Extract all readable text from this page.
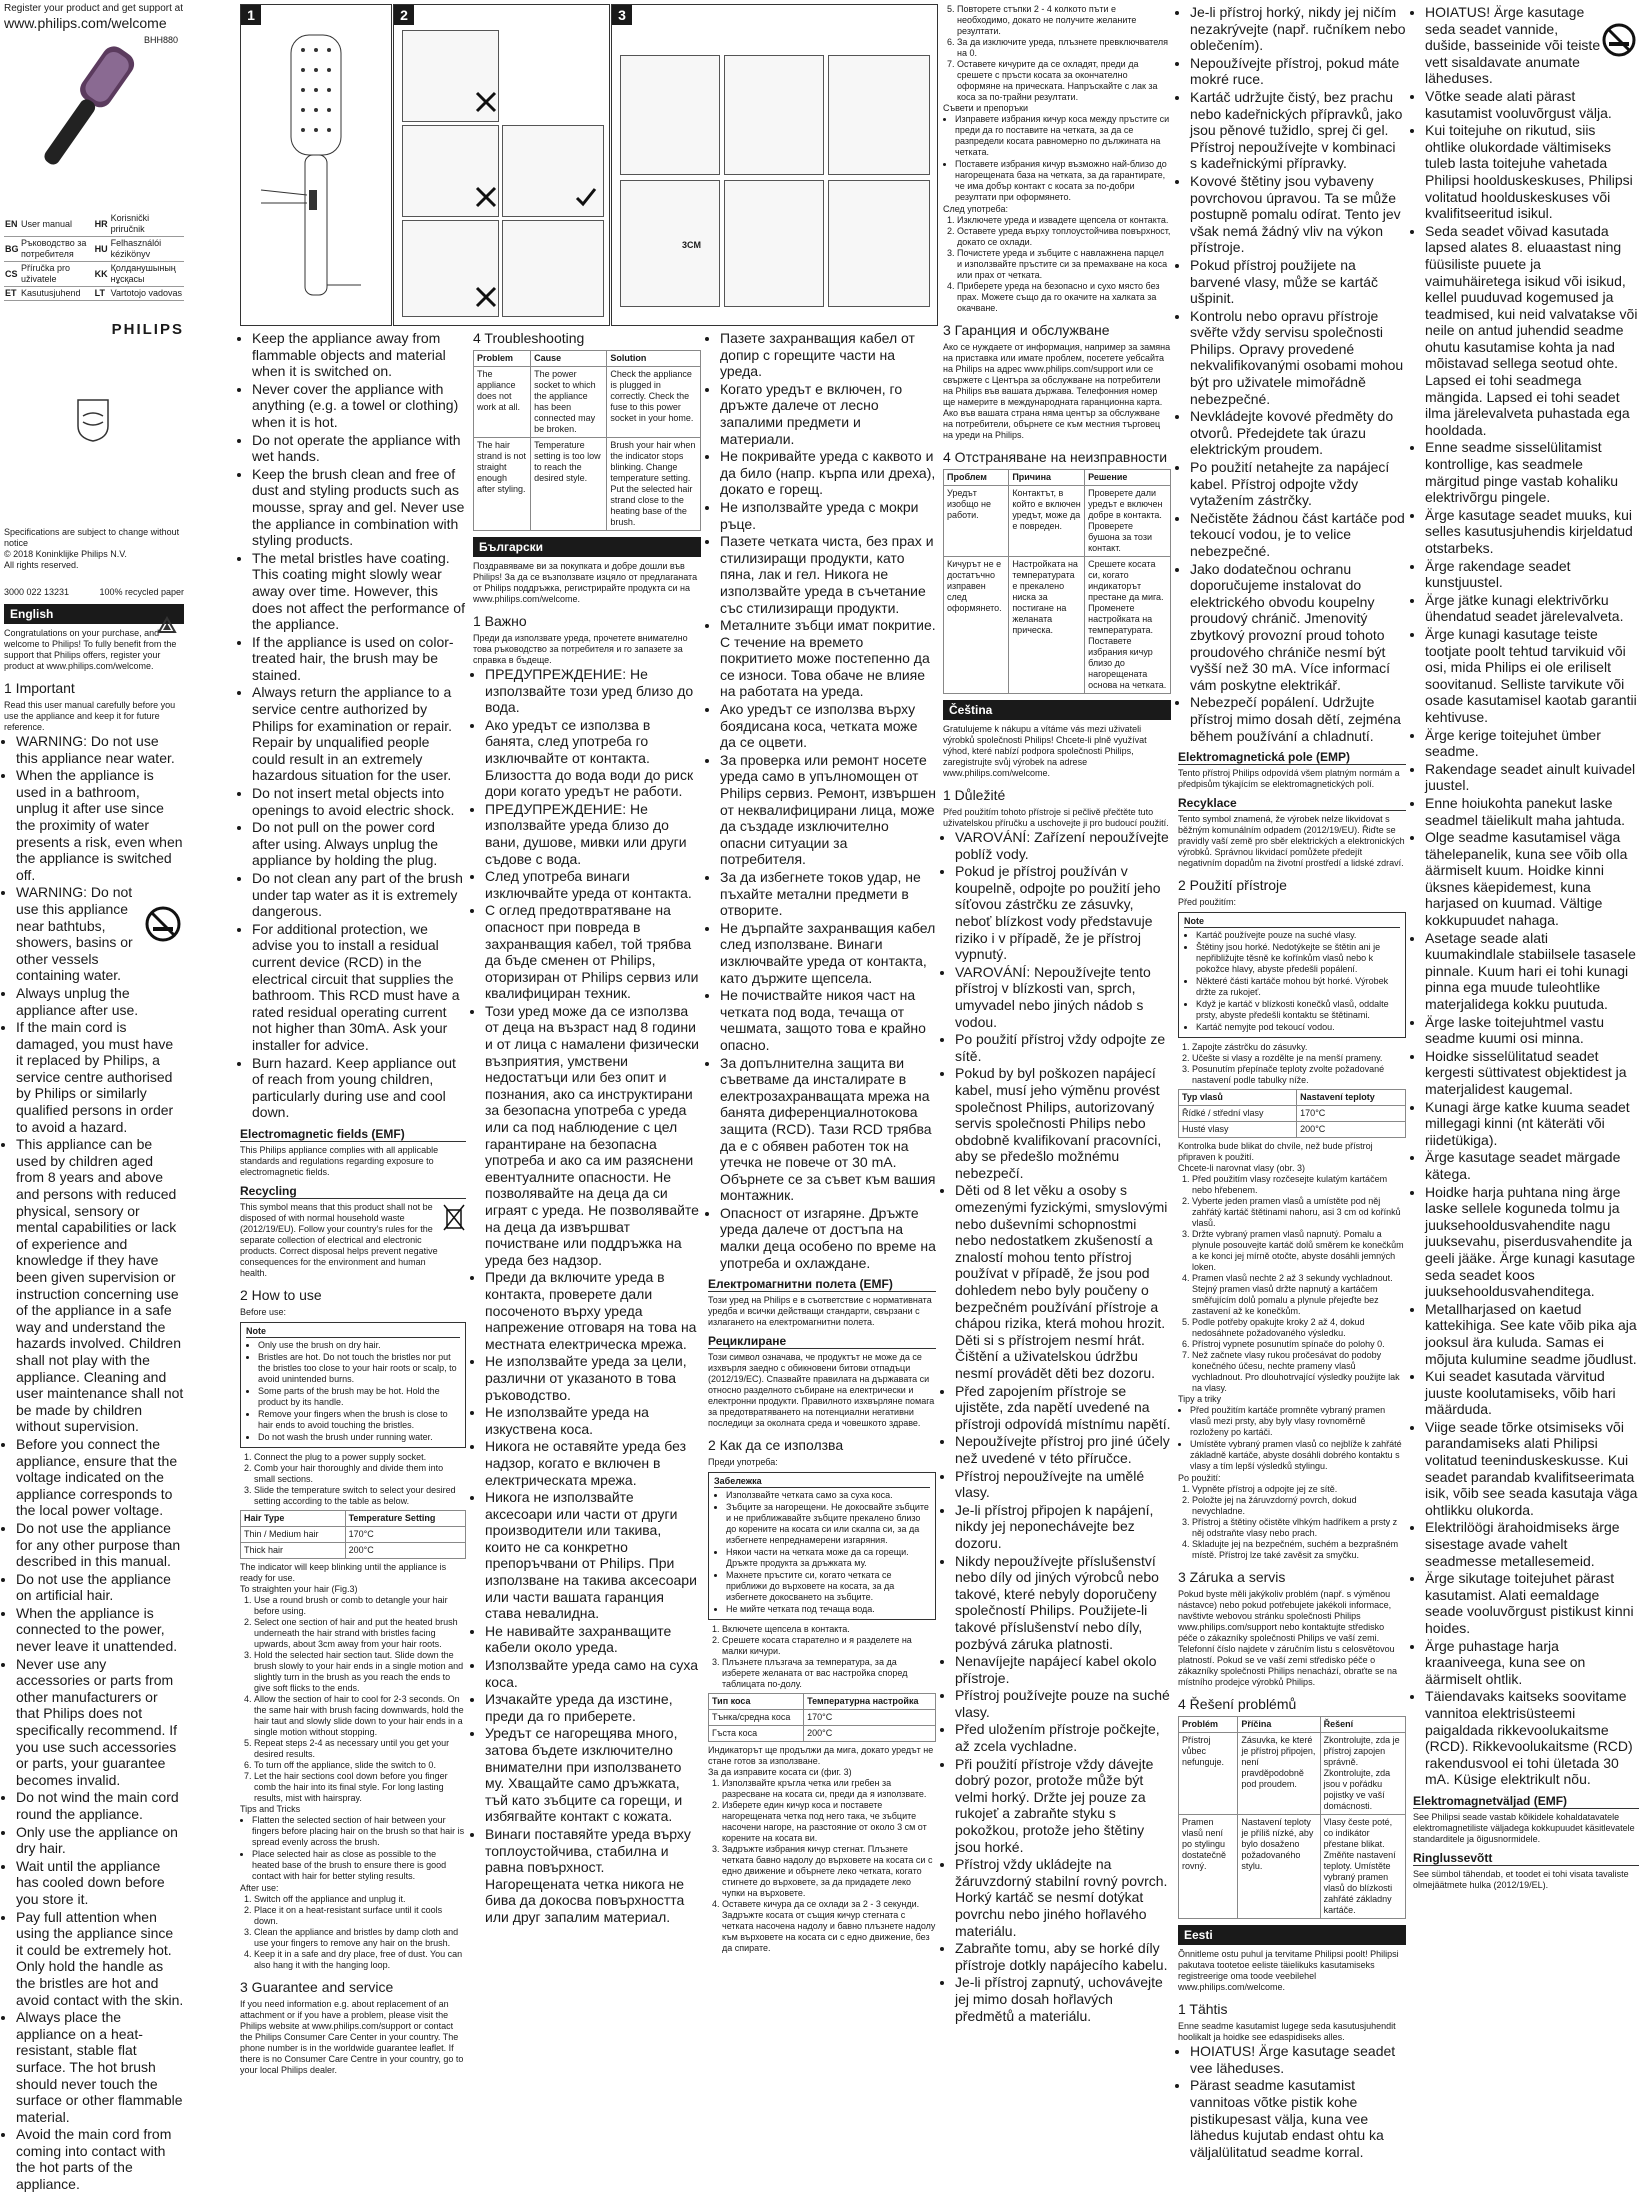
Register your product and get support at
www.philips.com/welcome
BHH880
EN	User manual	HR	Korisnički priručnik
BG	Ръководство за потребителя	HU	Felhasználói kézikönyv
CS	Příručka pro uživatele	KK	Қолданушының нұсқасы
ET	Kasutusjuhend	LT	Vartotojo vadovas
PHILIPS
Specifications are subject to change without notice
© 2018 Koninklijke Philips N.V.
All rights reserved.
3000 022 13231	100% recycled paper
English
Congratulations on your purchase, and welcome to Philips! To fully benefit from the support that Philips offers, register your product at www.philips.com/welcome.
1 Important
Read this user manual carefully before you use the appliance and keep it for future reference.
• WARNING: Do not use this appliance near water.
• When the appliance is used in a bathroom, unplug it after use since the proximity of water presents a risk, even when the appliance is switched off.
• WARNING: Do not use this appliance near bathtubs, showers, basins or other vessels containing water.
• Always unplug the appliance after use.
• If the main cord is damaged, you must have it replaced by Philips, a service centre authorised by Philips or similarly qualified persons in order to avoid a hazard.
• This appliance can be used by children aged from 8 years and above and persons with reduced physical, sensory or mental capabilities or lack of experience and knowledge if they have been given supervision or instruction concerning use of the appliance in a safe way and understand the hazards involved. Children shall not play with the appliance. Cleaning and user maintenance shall not be made by children without supervision.
• Before you connect the appliance, ensure that the voltage indicated on the appliance corresponds to the local power voltage.
• Do not use the appliance for any other purpose than described in this manual.
• Do not use the appliance on artificial hair.
• When the appliance is connected to the power, never leave it unattended.
• Never use any accessories or parts from other manufacturers or that Philips does not specifically recommend. If you use such accessories or parts, your guarantee becomes invalid.
• Do not wind the main cord round the appliance.
• Only use the appliance on dry hair.
• Wait until the appliance has cooled down before you store it.
• Pay full attention when using the appliance since it could be extremely hot. Only hold the handle as the bristles are hot and avoid contact with the skin.
• Always place the appliance on a heat-resistant, stable flat surface. The hot brush should never touch the surface or other flammable material.
• Avoid the main cord from coming into contact with the hot parts of the appliance.
1	2	3
3CM
• Keep the appliance away from flammable objects and material when it is switched on.
• Never cover the appliance with anything (e.g. a towel or clothing) when it is hot.
• Do not operate the appliance with wet hands.
• Keep the brush clean and free of dust and styling products such as mousse, spray and gel. Never use the appliance in combination with styling products.
• The metal bristles have coating. This coating might slowly wear away over time. However, this does not affect the performance of the appliance.
• If the appliance is used on color-treated hair, the brush may be stained.
• Always return the appliance to a service centre authorized by Philips for examination or repair. Repair by unqualified people could result in an extremely hazardous situation for the user.
• Do not insert metal objects into openings to avoid electric shock.
• Do not pull on the power cord after using. Always unplug the appliance by holding the plug.
• Do not clean any part of the brush under tap water as it is extremely dangerous.
• For additional protection, we advise you to install a residual current device (RCD) in the electrical circuit that supplies the bathroom. This RCD must have a rated residual operating current not higher than 30mA. Ask your installer for advice.
• Burn hazard. Keep appliance out of reach from young children, particularly during use and cool down.
Electromagnetic fields (EMF)
This Philips appliance complies with all applicable standards and regulations regarding exposure to electromagnetic fields.
Recycling
This symbol means that this product shall not be disposed of with normal household waste (2012/19/EU). Follow your country's rules for the separate collection of electrical and electronic products. Correct disposal helps prevent negative consequences for the environment and human health.
2 How to use
Before use:
Note
• Only use the brush on dry hair.
• Bristles are hot. Do not touch the bristles nor put the bristles too close to your hair roots or scalp, to avoid unintended burns.
• Some parts of the brush may be hot. Hold the product by its handle.
• Remove your fingers when the brush is close to hair ends to avoid touching the bristles.
• Do not wash the brush under running water.
1. Connect the plug to a power supply socket.
2. Comb your hair thoroughly and divide them into small sections.
3. Slide the temperature switch to select your desired setting according to the table as below.
Hair Type	Temperature Setting
Thin / Medium hair	170°C
Thick hair	200°C
The indicator will keep blinking until the appliance is ready for use.
To straighten your hair (Fig.3)
1. Use a round brush or comb to detangle your hair before using.
2. Select one section of hair and put the heated brush underneath the hair strand with bristles facing upwards, about 3cm away from your hair roots.
3. Hold the selected hair section taut. Slide down the brush slowly to your hair ends in a single motion and slightly turn in the brush as you reach the ends to give soft flicks to the ends.
4. Allow the section of hair to cool for 2-3 seconds. On the same hair with brush facing downwards, hold the hair taut and slowly slide down to your hair ends in a single motion without stopping.
5. Repeat steps 2-4 as necessary until you get your desired results.
6. To turn off the appliance, slide the switch to 0.
7. Let the hair sections cool down before you finger comb the hair into its final style. For long lasting results, mist with hairspray.
Tips and Tricks
• Flatten the selected section of hair between your fingers before placing hair on the brush so that hair is spread evenly across the brush.
• Place selected hair as close as possible to the heated base of the brush to ensure there is good contact with hair for better styling results.
After use:
1. Switch off the appliance and unplug it.
2. Place it on a heat-resistant surface until it cools down.
3. Clean the appliance and bristles by damp cloth and use your fingers to remove any hair on the brush.
4. Keep it in a safe and dry place, free of dust. You can also hang it with the hanging loop.
3 Guarantee and service
If you need information e.g. about replacement of an attachment or if you have a problem, please visit the Philips website at www.philips.com/support or contact the Philips Consumer Care Center in your country. The phone number is in the worldwide guarantee leaflet. If there is no Consumer Care Centre in your country, go to your local Philips dealer.
4 Troubleshooting
Problem	Cause	Solution
The appliance does not work at all.	The power socket to which the appliance has been connected may be broken.	Check the appliance is plugged in correctly. Check the fuse to this power socket in your home.
The hair strand is not straight enough after styling.	Temperature setting is too low to reach the desired style.	Brush your hair when the indicator stops blinking. Change temperature setting. Put the selected hair strand close to the heating base of the brush.
Български
Поздравяваме ви за покупката и добре дошли във Philips! За да се възползвате изцяло от предлаганата от Philips поддръжка, регистрирайте продукта си на www.philips.com/welcome.
1 Важно
Преди да използвате уреда, прочетете внимателно това ръководство за потребителя и го запазете за справка в бъдеще.
• ПРЕДУПРЕЖДЕНИЕ: Не използвайте този уред близо до вода.
• Ако уредът се използва в банята, след употреба го изключвайте от контакта. Близостта до вода води до риск дори когато уредът не работи.
• ПРЕДУПРЕЖДЕНИЕ: Не използвайте уреда близо до вани, душове, мивки или други съдове с вода.
• След употреба винаги изключвайте уреда от контакта.
• С оглед предотвратяване на опасност при повреда в захранващия кабел, той трябва да бъде сменен от Philips, оторизиран от Philips сервиз или квалифициран техник.
• Този уред може да се използва от деца на възраст над 8 години и от лица с намалени физически възприятия, умствени недостатъци или без опит и познания, ако са инструктирани за безопасна употреба с уреда или са под наблюдение с цел гарантиране на безопасна употреба и ако са им разяснени евентуалните опасности. Не позволявайте на деца да си играят с уреда. Не позволявайте на деца да извършват почистване или поддръжка на уреда без надзор.
• Преди да включите уреда в контакта, проверете дали посоченото върху уреда напрежение отговаря на това на местната електрическа мрежа.
• Не използвайте уреда за цели, различни от указаното в това ръководство.
• Не използвайте уреда на изкуствена коса.
• Никога не оставяйте уреда без надзор, когато е включен в електрическата мрежа.
• Никога не използвайте аксесоари или части от други производители или такива, които не са конкретно препоръчвани от Philips. При използване на такива аксесоари или части вашата гаранция става невалидна.
• Не навивайте захранващите кабели около уреда.
• Използвайте уреда само на суха коса.
• Изчакайте уреда да изстине, преди да го приберете.
• Уредът се нагорещява много, затова бъдете изключително внимателни при използването му. Хващайте само дръжката, тъй като зъбците са горещи, и избягвайте контакт с кожата.
• Винаги поставяйте уреда върху топлоустойчива, стабилна и равна повърхност. Нагорещената четка никога не бива да докосва повърхността или друг запалим материал.
• Пазете захранващия кабел от допир с горещите части на уреда.
• Когато уредът е включен, го дръжте далече от лесно запалими предмети и материали.
• Не покривайте уреда с каквото и да било (напр. кърпа или дреха), докато е горещ.
• Не използвайте уреда с мокри ръце.
• Пазете четката чиста, без прах и стилизиращи продукти, като пяна, лак и гел. Никога не използвайте уреда в съчетание със стилизиращи продукти.
• Металните зъбци имат покритие. С течение на времето покритието може постепенно да се износи. Това обаче не влияе на работата на уреда.
• Ако уредът се използва върху боядисана коса, четката може да се оцвети.
• За проверка или ремонт носете уреда само в упълномощен от Philips сервиз. Ремонт, извършен от неквалифицирани лица, може да създаде изключително опасни ситуации за потребителя.
• За да избегнете токов удар, не пъхайте метални предмети в отворите.
• Не дърпайте захранващия кабел след използване. Винаги изключвайте уреда от контакта, като държите щепсела.
• Не почиствайте никоя част на четката под вода, течаща от чешмата, защото това е крайно опасно.
• За допълнителна защита ви съветваме да инсталирате в електрозахранващата мрежа на банята диференциалнотокова защита (RCD). Тази RCD трябва да е с обявен работен ток на утечка не повече от 30 mA. Обърнете се за съвет към вашия монтажник.
• Опасност от изгаряне. Дръжте уреда далече от достъпа на малки деца особено по време на употреба и охлаждане.
Електромагнитни полета (EMF)
Този уред на Philips е в съответствие с нормативната уредба и всички действащи стандарти, свързани с излагането на електромагнитни полета.
Рециклиране
Този символ означава, че продуктът не може да се изхвърля заедно с обикновени битови отпадъци (2012/19/ЕС). Спазвайте правилата на държавата си относно разделното събиране на електрически и електронни продукти. Правилното изхвърляне помага за предотвратяването на потенциални негативни последици за околната среда и човешкото здраве.
2 Как да се използва
Преди употреба:
Забележка
• Използвайте четката само за суха коса.
• Зъбците за нагорещени. Не докосвайте зъбците и не приближавайте зъбците прекалено близо до корените на косата си или скалпа си, за да избегнете непреднамерени изгаряния.
• Някои части на четката може да са горещи. Дръжте продукта за дръжката му.
• Махнете пръстите си, когато четката се приближи до върховете на косата, за да избегнете докосването на зъбците.
• Не мийте четката под течаща вода.
1. Включете щепсела в контакта.
2. Срешете косата старателно и я разделете на малки кичури.
3. Плъзнете плъзгача за температура, за да изберете желаната от вас настройка според таблицата по-долу.
Тип коса	Температурна настройка
Тънка/средна коса	170°C
Гъста коса	200°C
Индикаторът ще продължи да мига, докато уредът не стане готов за използване.
За да изправите косата си (фиг. 3)
1. Използвайте кръгла четка или гребен за разресване на косата си, преди да я използвате.
2. Изберете един кичур коса и поставете нагорещената четка под него така, че зъбците насочени нагоре, на разстояние от около 3 см от корените на косата ви.
3. Задръжте избрания кичур стегнат. Плъзнете четката бавно надолу до върховете на косата си с едно движение и обърнете леко четката, когато стигнете до върховете, за да придадете леко чупки на върховете.
4. Оставете кичура да се охлади за 2 - 3 секунди. Задръжте косата от същия кичур стегната с четката насочена надолу и бавно плъзнете надолу към върховете на косата си с едно движение, без да спирате.
5. Повторете стъпки 2 - 4 колкото пъти е необходимо, докато не получите желаните резултати.
6. За да изключите уреда, плъзнете превключвателя на 0.
7. Оставете кичурите да се охладят, преди да срешете с пръсти косата за окончателно оформяне на прическата. Напръскайте с лак за коса за по-трайни резултати.
Съвети и препоръки
• Изправете избрания кичур коса между пръстите си преди да го поставите на четката, за да се разпредели косата равномерно по дължината на четката.
• Поставете избрания кичур възможно най-близо до нагорещената база на четката, за да гарантирате, че има добър контакт с косата за по-добри резултати при оформянето.
След употреба:
1. Изключете уреда и извадете щепсела от контакта.
2. Оставете уреда върху топлоустойчива повърхност, докато се охлади.
3. Почистете уреда и зъбците с навлажнена парцел и използвайте пръстите си за премахване на коса или прах от четката.
4. Приберете уреда на безопасно и сухо място без прах. Можете също да го окачите на халката за окачване.
3 Гаранция и обслужване
Ако се нуждаете от информация, например за замяна на приставка или имате проблем, посетете уебсайта на Philips на адрес www.philips.com/support или се свържете с Центъра за обслужване на потребители на Philips във вашата държава. Телефонния номер ще намерите в международната гаранционна карта. Ако във вашата страна няма център за обслужване на потребители, обърнете се към местния търговец на уреди на Philips.
4 Отстраняване на неизправности
Проблем	Причина	Решение
Уредът изобщо не работи.	Контактът, в който е включен уредът, може да е повреден.	Проверете дали уредът е включен добре в контакта. Проверете бушона за този контакт.
Кичурът не е достатъчно изправен след оформянето.	Настройката на температурата е прекалено ниска за постигане на желаната прическа.	Срешете косата си, когато индикаторът престане да мига. Променете настройката на температурата. Поставете избрания кичур близо до нагорещената основа на четката.
Čeština
Gratulujeme k nákupu a vítáme vás mezi uživateli výrobků společnosti Philips! Chcete-li plně využívat výhod, které nabízí podpora společnosti Philips, zaregistrujte svůj výrobek na adrese www.philips.com/welcome.
1 Důležité
Před použitím tohoto přístroje si pečlivě přečtěte tuto uživatelskou příručku a uschovejte ji pro budoucí použití.
• VAROVÁNÍ: Zařízení nepoužívejte poblíž vody.
• Pokud je přístroj používán v koupelně, odpojte po použití jeho síťovou zástrčku ze zásuvky, neboť blízkost vody představuje riziko i v případě, že je přístroj vypnutý.
• VAROVÁNÍ: Nepoužívejte tento přístroj v blízkosti van, sprch, umyvadel nebo jiných nádob s vodou.
• Po použití přístroj vždy odpojte ze sítě.
• Pokud by byl poškozen napájecí kabel, musí jeho výměnu provést společnost Philips, autorizovaný servis společnosti Philips nebo obdobně kvalifikovaní pracovníci, aby se předešlo možnému nebezpečí.
• Děti od 8 let věku a osoby s omezenými fyzickými, smyslovými nebo duševními schopnostmi nebo nedostatkem zkušeností a znalostí mohou tento přístroj používat v případě, že jsou pod dohledem nebo byly poučeny o bezpečném používání přístroje a chápou rizika, která mohou hrozit. Děti si s přístrojem nesmí hrát. Čištění a uživatelskou údržbu nesmí provádět děti bez dozoru.
• Před zapojením přístroje se ujistěte, zda napětí uvedené na přístroji odpovídá místnímu napětí.
• Nepoužívejte přístroj pro jiné účely než uvedené v této příručce.
• Přístroj nepoužívejte na umělé vlasy.
• Je-li přístroj připojen k napájení, nikdy jej neponechávejte bez dozoru.
• Nikdy nepoužívejte příslušenství nebo díly od jiných výrobců nebo takové, které nebyly doporučeny společností Philips. Použijete-li takové příslušenství nebo díly, pozbývá záruka platnosti.
• Nenavíjejte napájecí kabel okolo přístroje.
• Přístroj používejte pouze na suché vlasy.
• Před uložením přístroje počkejte, až zcela vychladne.
• Při použití přístroje vždy dávejte dobrý pozor, protože může být velmi horký. Držte jej pouze za rukojeť a zabraňte styku s pokožkou, protože jeho štětiny jsou horké.
• Přístroj vždy ukládejte na žáruvzdorný stabilní rovný povrch. Horký kartáč se nesmí dotýkat povrchu nebo jiného hořlavého materiálu.
• Zabraňte tomu, aby se horké díly přístroje dotkly napájecího kabelu.
• Je-li přístroj zapnutý, uchovávejte jej mimo dosah hořlavých předmětů a materiálu.
• Je-li přístroj horký, nikdy jej ničím nezakrývejte (např. ručníkem nebo oblečením).
• Nepoužívejte přístroj, pokud máte mokré ruce.
• Kartáč udržujte čistý, bez prachu nebo kadeřnických přípravků, jako jsou pěnové tužidlo, sprej či gel. Přístroj nepoužívejte v kombinaci s kadeřnickými přípravky.
• Kovové štětiny jsou vybaveny povrchovou úpravou. Ta se může postupně pomalu odírat. Tento jev však nemá žádný vliv na výkon přístroje.
• Pokud přístroj použijete na barvené vlasy, může se kartáč ušpinit.
• Kontrolu nebo opravu přístroje svěřte vždy servisu společnosti Philips. Opravy provedené nekvalifikovanými osobami mohou být pro uživatele mimořádně nebezpečné.
• Nevkládejte kovové předměty do otvorů. Předejdete tak úrazu elektrickým proudem.
• Po použití netahejte za napájecí kabel. Přístroj odpojte vždy vytažením zástrčky.
• Nečistěte žádnou část kartáče pod tekoucí vodou, je to velice nebezpečné.
• Jako dodatečnou ochranu doporučujeme instalovat do elektrického obvodu koupelny proudový chránič. Jmenovitý zbytkový provozní proud tohoto proudového chrániče nesmí být vyšší než 30 mA. Více informací vám poskytne elektrikář.
• Nebezpečí popálení. Udržujte přístroj mimo dosah dětí, zejména během používání a chladnutí.
Elektromagnetická pole (EMP)
Tento přístroj Philips odpovídá všem platným normám a předpisům týkajícím se elektromagnetických polí.
Recyklace
Tento symbol znamená, že výrobek nelze likvidovat s běžným komunálním odpadem (2012/19/EU). Řiďte se pravidly vaší země pro sběr elektrických a elektronických výrobků. Správnou likvidací pomůžete předejít negativním dopadům na životní prostředí a lidské zdraví.
2 Použití přístroje
Před použitím:
Note
• Kartáč používejte pouze na suché vlasy.
• Štětiny jsou horké. Nedotýkejte se štětin ani je nepřibližujte těsně ke kořínkům vlasů nebo k pokožce hlavy, abyste předešli popálení.
• Některé části kartáče mohou být horké. Výrobek držte za rukojeť.
• Když je kartáč v blízkosti konečků vlasů, oddalte prsty, abyste předešli kontaktu se štětinami.
• Kartáč nemyjte pod tekoucí vodou.
1. Zapojte zástrčku do zásuvky.
2. Učešte si vlasy a rozdělte je na menší prameny.
3. Posunutím přepínače teploty zvolte požadované nastavení podle tabulky níže.
Typ vlasů	Nastavení teploty
Řídké / střední vlasy	170°C
Husté vlasy	200°C
Kontrolka bude blikat do chvíle, než bude přístroj připraven k použití.
Chcete-li narovnat vlasy (obr. 3)
1. Před použitím vlasy rozčesejte kulatým kartáčem nebo hřebenem.
2. Vyberte jeden pramen vlasů a umístěte pod něj zahřátý kartáč štětinami nahoru, asi 3 cm od kořínků vlasů.
3. Držte vybraný pramen vlasů napnutý. Pomalu a plynule posouvejte kartáč dolů směrem ke konečkům a ke konci jej mírně otočte, abyste dosáhli jemných loken.
4. Pramen vlasů nechte 2 až 3 sekundy vychladnout. Stejný pramen vlasů držte napnutý a kartáčem směřujícím dolů pomalu a plynule přejeďte bez zastavení až ke konečkům.
5. Podle potřeby opakujte kroky 2 až 4, dokud nedosáhnete požadovaného výsledku.
6. Přístroj vypnete posunutím spínače do polohy 0.
7. Než začnete vlasy rukou pročesávat do podoby konečného účesu, nechte prameny vlasů vychladnout. Pro dlouhotrvající výsledky použijte lak na vlasy.
Tipy a triky
• Před použitím kartáče promněte vybraný pramen vlasů mezi prsty, aby byly vlasy rovnoměrně rozloženy po kartáči.
• Umístěte vybraný pramen vlasů co nejblíže k zahřáté základně kartáče, abyste dosáhli dobrého kontaktu s vlasy a tím lepší výsledků stylingu.
Po použití:
1. Vypněte přístroj a odpojte jej ze sítě.
2. Položte jej na žáruvzdorný povrch, dokud nevychladne.
3. Přístroj a štětiny očistěte vlhkým hadříkem a prsty z něj odstraňte vlasy nebo prach.
4. Skladujte jej na bezpečném, suchém a bezprašném místě. Přístroj lze také zavěsit za smyčku.
3 Záruka a servis
Pokud byste měli jakýkoliv problém (např. s výměnou nástavce) nebo pokud potřebujete jakékoli informace, navštivte webovou stránku společnosti Philips www.philips.com/support nebo kontaktujte středisko péče o zákazníky společnosti Philips ve vaší zemi. Telefonní číslo najdete v záručním listu s celosvětovou platností. Pokud se ve vaší zemi středisko péče o zákazníky společnosti Philips nenachází, obraťte se na místního prodejce výrobků Philips.
4 Řešení problémů
Problém	Příčina	Řešení
Přístroj vůbec nefunguje.	Zásuvka, ke které je přístroj připojen, není pravděpodobně pod proudem.	Zkontrolujte, zda je přístroj zapojen správně. Zkontrolujte, zda jsou v pořádku pojistky ve vaší domácnosti.
Pramen vlasů není po stylingu dostatečně rovný.	Nastavení teploty je příliš nízké, aby bylo dosaženo požadovaného stylu.	Vlasy česte poté, co indikátor přestane blikat. Změňte nastavení teploty. Umístěte vybraný pramen vlasů do blízkosti zahřáté základny kartáče.
Eesti
Õnnitleme ostu puhul ja tervitame Philipsi poolt! Philipsi pakutava tootetoe eeliste täielikuks kasutamiseks registreerige oma toode veebilehel www.philips.com/welcome.
1 Tähtis
Enne seadme kasutamist lugege seda kasutusjuhendit hoolikalt ja hoidke see edaspidiseks alles.
• HOIATUS! Ärge kasutage seadet vee läheduses.
• Pärast seadme kasutamist vannitoas võtke pistik kohe pistikupesast välja, kuna vee lähedus kujutab endast ohtu ka väljalülitatud seadme korral.
• HOIATUS! Ärge kasutage seda seadet vannide, dušide, basseinide või teiste vett sisaldavate anumate läheduses.
• Võtke seade alati pärast kasutamist vooluvõrgust välja.
• Kui toitejuhe on rikutud, siis ohtlike olukordade vältimiseks tuleb lasta toitejuhe vahetada Philipsi hoolduskeskuses, Philipsi volitatud hoolduskeskuses või kvalifitseeritud isikul.
• Seda seadet võivad kasutada lapsed alates 8. eluaastast ning füüsiliste puuete ja vaimuhäiretega isikud või isikud, kellel puuduvad kogemused ja teadmised, kui neid valvatakse või neile on antud juhendid seadme ohutu kasutamise kohta ja nad mõistavad sellega seotud ohte. Lapsed ei tohi seadmega mängida. Lapsed ei tohi seadet ilma järelevalveta puhastada ega hooldada.
• Enne seadme sisselülitamist kontrollige, kas seadmele märgitud pinge vastab kohaliku elektrivõrgu pingele.
• Ärge kasutage seadet muuks, kui selles kasutusjuhendis kirjeldatud otstarbeks.
• Ärge rakendage seadet kunstjuustel.
• Ärge jätke kunagi elektrivõrku ühendatud seadet järelevalveta.
• Ärge kunagi kasutage teiste tootjate poolt tehtud tarvikuid või osi, mida Philips ei ole eriliselt soovitanud. Selliste tarvikute või osade kasutamisel kaotab garantii kehtivuse.
• Ärge kerige toitejuhet ümber seadme.
• Rakendage seadet ainult kuivadel juustel.
• Enne hoiukohta panekut laske seadmel täielikult maha jahtuda.
• Olge seadme kasutamisel väga tähelepanelik, kuna see võib olla äärmiselt kuum. Hoidke kinni üksnes käepidemest, kuna harjased on kuumad. Vältige kokkupuudet nahaga.
• Asetage seade alati kuumakindlale stabiilsele tasasele pinnale. Kuum hari ei tohi kunagi pinna ega muude tuleohtlike materjalidega kokku puutuda.
• Ärge laske toitejuhtmel vastu seadme kuumi osi minna.
• Hoidke sisselülitatud seadet kergesti süttivatest objektidest ja materjalidest kaugemal.
• Kunagi ärge katke kuuma seadet millegagi kinni (nt käteräti või riidetükiga).
• Ärge kasutage seadet märgade kätega.
• Hoidke harja puhtana ning ärge laske sellele koguneda tolmu ja juuksehooldusvahendite nagu juuksevahu, piserdusvahendite ja geeli jääke. Ärge kunagi kasutage seda seadet koos juuksehooldusvahenditega.
• Metallharjased on kaetud kattekihiga. See kate võib pika aja jooksul ära kuluda. Samas ei mõjuta kulumine seadme jõudlust.
• Kui seadet kasutada värvitud juuste koolutamiseks, võib hari määrduda.
• Viige seade tõrke otsimiseks või parandamiseks alati Philipsi volitatud teeninduskeskusse. Kui seadet parandab kvalifitseerimata isik, võib see seada kasutaja väga ohtlikku olukorda.
• Elektrilöögi ärahoidmiseks ärge sisestage avade vahelt seadmesse metallesemeid.
• Ärge sikutage toitejuhet pärast kasutamist. Alati eemaldage seade vooluvõrgust pistikust kinni hoides.
• Ärge puhastage harja kraaniveega, kuna see on äärmiselt ohtlik.
• Täiendavaks kaitseks soovitame vannitoa elektrisüsteemi paigaldada rikkevoolukaitsme (RCD). Rikkevoolukaitsme (RCD) rakendusvool ei tohi ületada 30 mA. Küsige elektrikult nõu.
Elektromagnetväljad (EMF)
See Philipsi seade vastab kõikidele kohaldatavatele elektromagnetiliste väljadega kokkupuudet käsitlevatele standarditele ja õigusnormidele.
Ringlussevõtt
See sümbol tähendab, et toodet ei tohi visata tavaliste olmejäätmete hulka (2012/19/EL).
